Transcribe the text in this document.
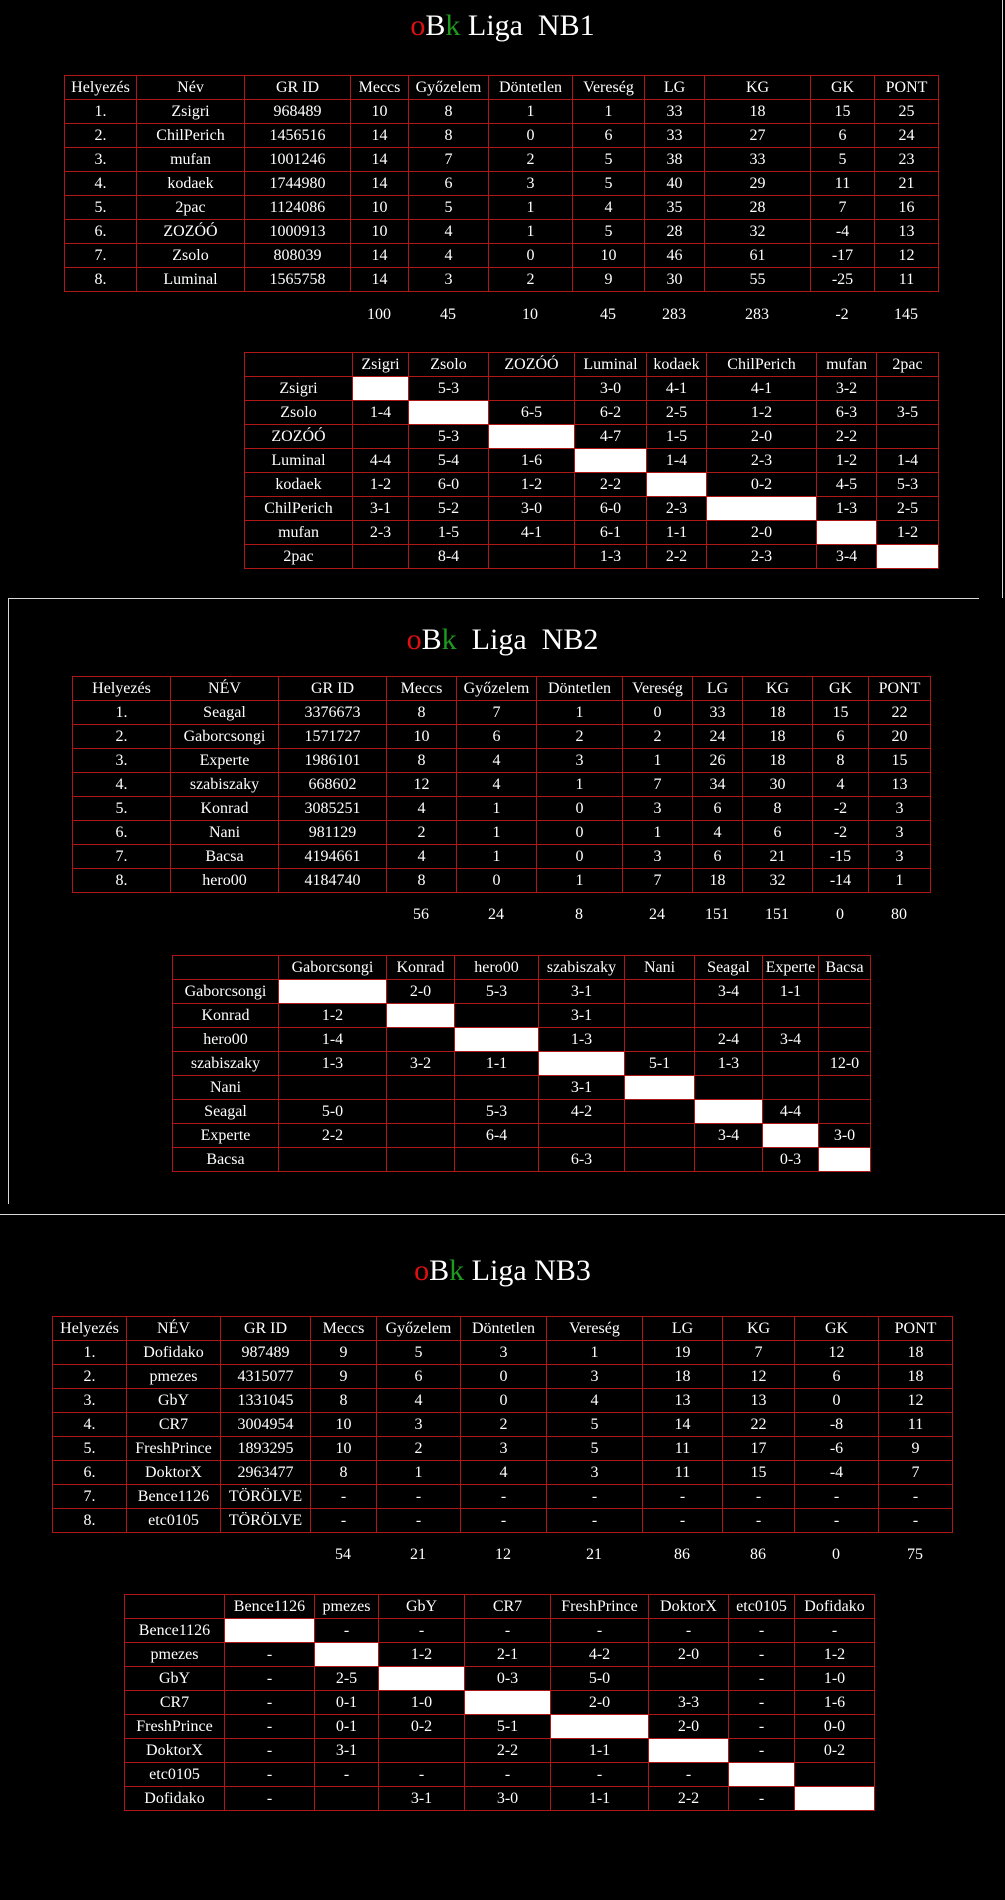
oBk Liga  NB1
Helyezés	Név	GR ID	Meccs	Győzelem	Döntetlen	Vereség	LG	KG	GK	PONT
1.	Zsigri	968489	10	8	1	1	33	18	15	25
2.	ChilPerich	1456516	14	8	0	6	33	27	6	24
3.	mufan	1001246	14	7	2	5	38	33	5	23
4.	kodaek	1744980	14	6	3	5	40	29	11	21
5.	2pac	1124086	10	5	1	4	35	28	7	16
6.	ZOZÓÓ	1000913	10	4	1	5	28	32	-4	13
7.	Zsolo	808039	14	4	0	10	46	61	-17	12
8.	Luminal	1565758	14	3	2	9	30	55	-25	11
100	45	10	45	283	283	-2	145
	Zsigri	Zsolo	ZOZÓÓ	Luminal	kodaek	ChilPerich	mufan	2pac
Zsigri		5-3		3-0	4-1	4-1	3-2	
Zsolo	1-4		6-5	6-2	2-5	1-2	6-3	3-5
ZOZÓÓ		5-3		4-7	1-5	2-0	2-2	
Luminal	4-4	5-4	1-6		1-4	2-3	1-2	1-4
kodaek	1-2	6-0	1-2	2-2		0-2	4-5	5-3
ChilPerich	3-1	5-2	3-0	6-0	2-3		1-3	2-5
mufan	2-3	1-5	4-1	6-1	1-1	2-0		1-2
2pac		8-4		1-3	2-2	2-3	3-4	
oBk  Liga  NB2
Helyezés	NÉV	GR ID	Meccs	Győzelem	Döntetlen	Vereség	LG	KG	GK	PONT
1.	Seagal	3376673	8	7	1	0	33	18	15	22
2.	Gaborcsongi	1571727	10	6	2	2	24	18	6	20
3.	Experte	1986101	8	4	3	1	26	18	8	15
4.	szabiszaky	668602	12	4	1	7	34	30	4	13
5.	Konrad	3085251	4	1	0	3	6	8	-2	3
6.	Nani	981129	2	1	0	1	4	6	-2	3
7.	Bacsa	4194661	4	1	0	3	6	21	-15	3
8.	hero00	4184740	8	0	1	7	18	32	-14	1
56	24	8	24	151	151	0	80
	Gaborcsongi	Konrad	hero00	szabiszaky	Nani	Seagal	Experte	Bacsa
Gaborcsongi		2-0	5-3	3-1		3-4	1-1	
Konrad	1-2			3-1				
hero00	1-4			1-3		2-4	3-4	
szabiszaky	1-3	3-2	1-1		5-1	1-3		12-0
Nani				3-1				
Seagal	5-0		5-3	4-2			4-4	
Experte	2-2		6-4			3-4		3-0
Bacsa				6-3			0-3	
oBk Liga NB3
Helyezés	NÉV	GR ID	Meccs	Győzelem	Döntetlen	Vereség	LG	KG	GK	PONT
1.	Dofidako	987489	9	5	3	1	19	7	12	18
2.	pmezes	4315077	9	6	0	3	18	12	6	18
3.	GbY	1331045	8	4	0	4	13	13	0	12
4.	CR7	3004954	10	3	2	5	14	22	-8	11
5.	FreshPrince	1893295	10	2	3	5	11	17	-6	9
6.	DoktorX	2963477	8	1	4	3	11	15	-4	7
7.	Bence1126	TÖRÖLVE	-	-	-	-	-	-	-	-
8.	etc0105	TÖRÖLVE	-	-	-	-	-	-	-	-
54	21	12	21	86	86	0	75
	Bence1126	pmezes	GbY	CR7	FreshPrince	DoktorX	etc0105	Dofidako
Bence1126		-	-	-	-	-	-	-
pmezes	-		1-2	2-1	4-2	2-0	-	1-2
GbY	-	2-5		0-3	5-0		-	1-0
CR7	-	0-1	1-0		2-0	3-3	-	1-6
FreshPrince	-	0-1	0-2	5-1		2-0	-	0-0
DoktorX	-	3-1		2-2	1-1		-	0-2
etc0105	-	-	-	-	-	-		
Dofidako	-		3-1	3-0	1-1	2-2	-	
